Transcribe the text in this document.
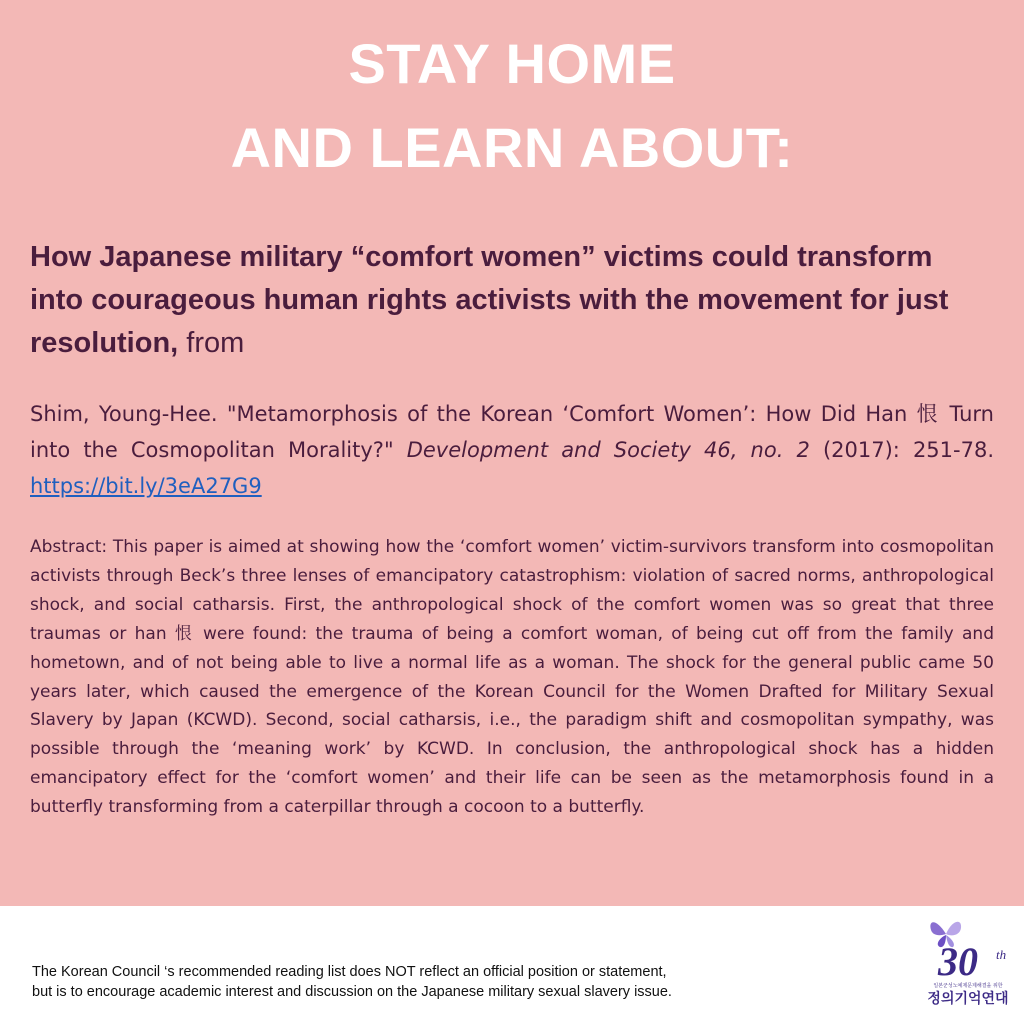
STAY HOME
AND LEARN ABOUT:

How Japanese military “comfort women” victims could transform into courageous human rights activists with the movement for just resolution, from

Shim, Young-Hee. "Metamorphosis of the Korean ‘Comfort Women’: How Did Han 恨 Turn into the Cosmopolitan Morality?" Development and Society 46, no. 2 (2017): 251-78. https://bit.ly/3eA27G9

Abstract: This paper is aimed at showing how the ‘comfort women’ victim-survivors transform into cosmopolitan activists through Beck’s three lenses of emancipatory catastrophism: violation of sacred norms, anthropological shock, and social catharsis. First, the anthropological shock of the comfort women was so great that three traumas or han 恨 were found: the trauma of being a comfort woman, of being cut off from the family and hometown, and of not being able to live a normal life as a woman. The shock for the general public came 50 years later, which caused the emergence of the Korean Council for the Women Drafted for Military Sexual Slavery by Japan (KCWD). Second, social catharsis, i.e., the paradigm shift and cosmopolitan sympathy, was possible through the ‘meaning work’ by KCWD. In conclusion, the anthropological shock has a hidden emancipatory effect for the ‘comfort women’ and their life can be seen as the metamorphosis found in a butterfly transforming from a caterpillar through a cocoon to a butterfly.

The Korean Council ‘s recommended reading list does NOT reflect an official position or statement,
but is to encourage academic interest and discussion on the Japanese military sexual slavery issue.

30 th
일본군성노예제문제해결을 위한
정의기억연대
